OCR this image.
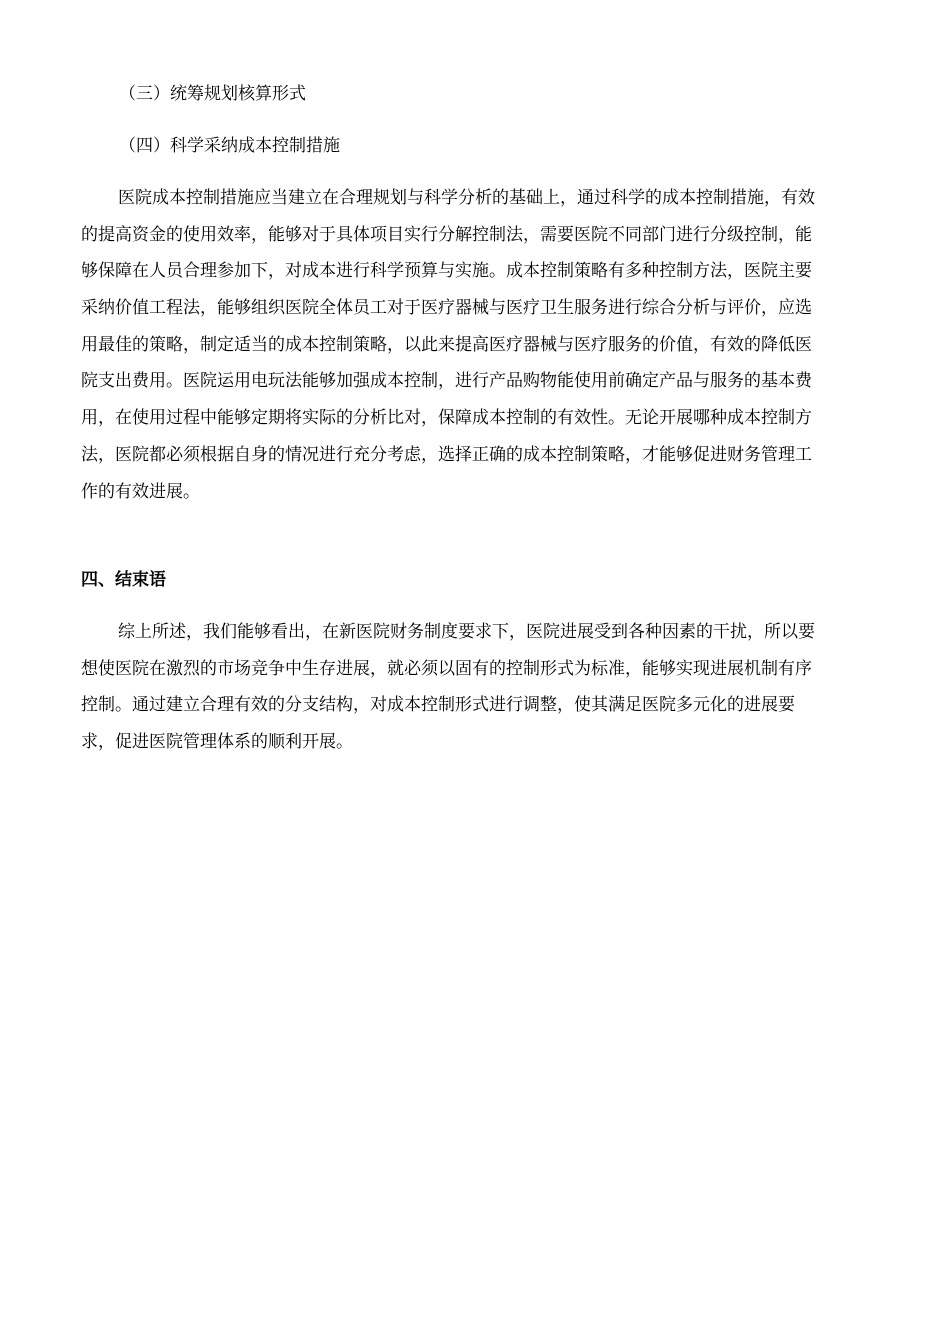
（三）统筹规划核算形式
（四）科学采纳成本控制措施
医院成本控制措施应当建立在合理规划与科学分析的基础上，通过科学的成本控制措施，有效
的提高资金的使用效率，能够对于具体项目实行分解控制法，需要医院不同部门进行分级控制，能
够保障在人员合理参加下，对成本进行科学预算与实施。成本控制策略有多种控制方法，医院主要
采纳价值工程法，能够组织医院全体员工对于医疗器械与医疗卫生服务进行综合分析与评价，应选
用最佳的策略，制定适当的成本控制策略，以此来提高医疗器械与医疗服务的价值，有效的降低医
院支出费用。医院运用电玩法能够加强成本控制，进行产品购物能使用前确定产品与服务的基本费
用，在使用过程中能够定期将实际的分析比对，保障成本控制的有效性。无论开展哪种成本控制方
法，医院都必须根据自身的情况进行充分考虑，选择正确的成本控制策略，才能够促进财务管理工
作的有效进展。
四、结束语
综上所述，我们能够看出，在新医院财务制度要求下，医院进展受到各种因素的干扰，所以要
想使医院在激烈的市场竞争中生存进展，就必须以固有的控制形式为标准，能够实现进展机制有序
控制。通过建立合理有效的分支结构，对成本控制形式进行调整，使其满足医院多元化的进展要
求，促进医院管理体系的顺利开展。
